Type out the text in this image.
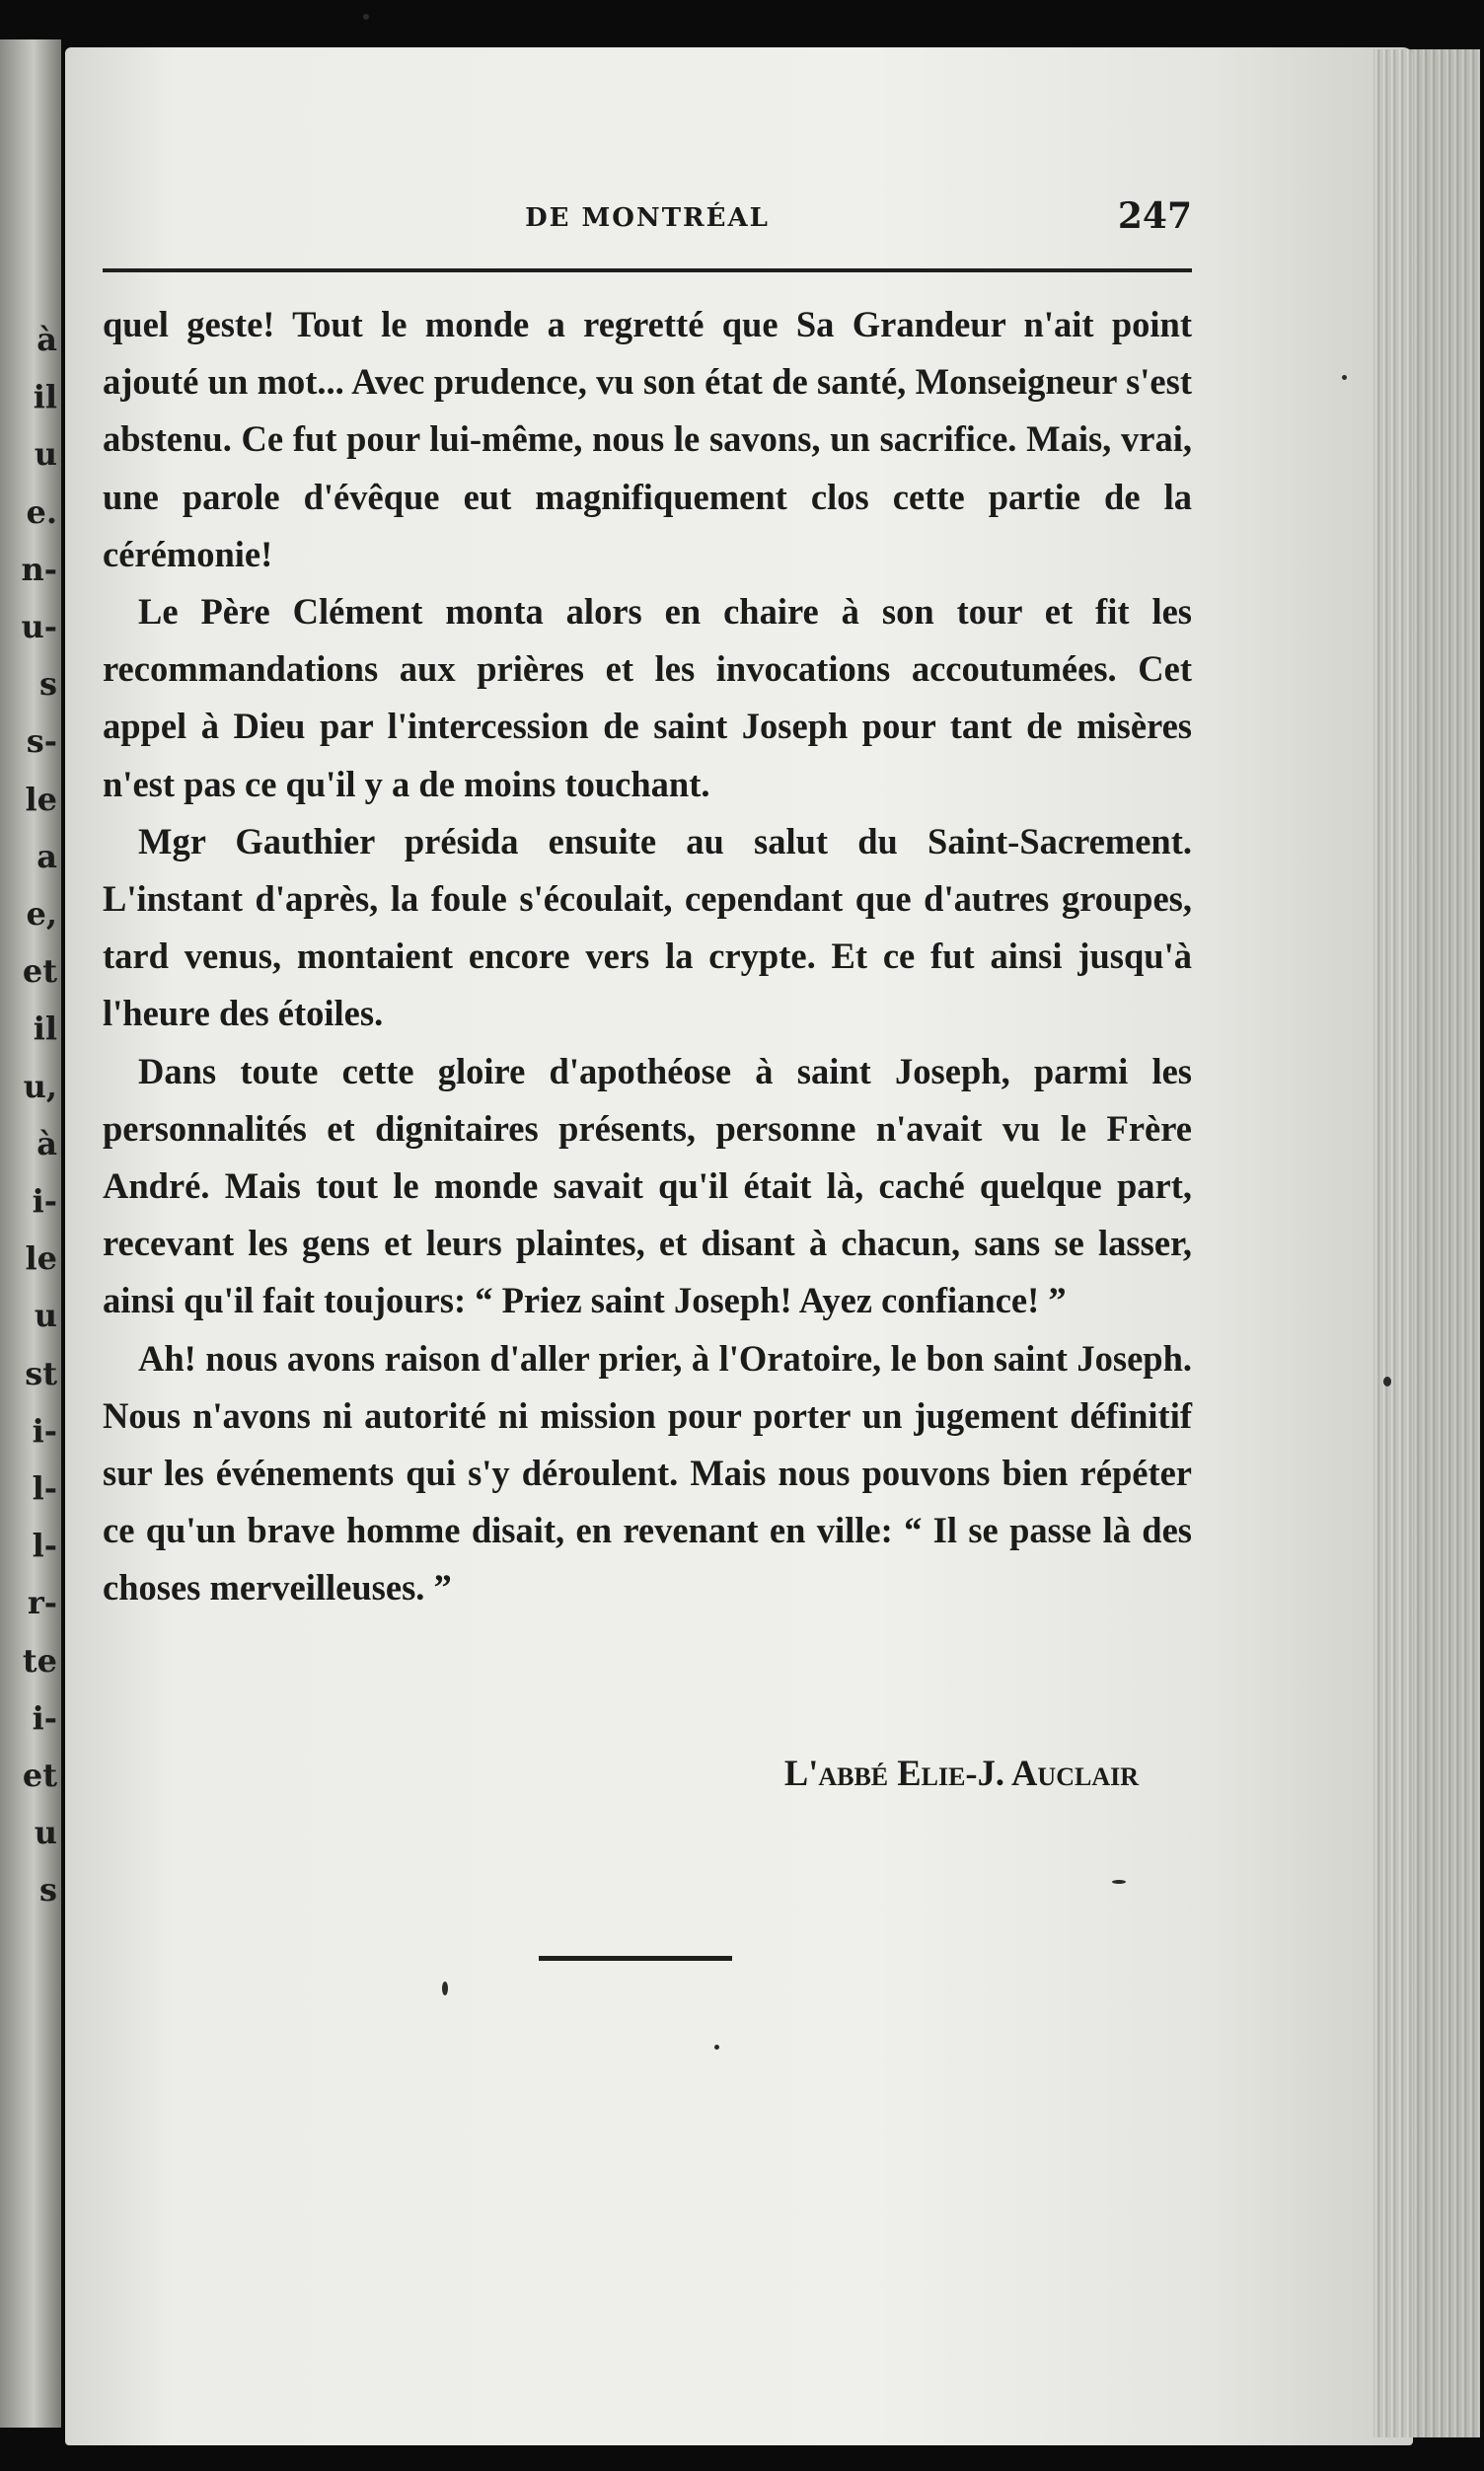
DE MONTRÉAL	247

quel geste! Tout le monde a regretté que Sa Grandeur n'ait point ajouté un mot... Avec prudence, vu son état de santé, Monseigneur s'est abstenu. Ce fut pour lui-même, nous le savons, un sacrifice. Mais, vrai, une parole d'évêque eut magnifiquement clos cette partie de la cérémonie!

Le Père Clément monta alors en chaire à son tour et fit les recommandations aux prières et les invocations accoutumées. Cet appel à Dieu par l'intercession de saint Joseph pour tant de misères n'est pas ce qu'il y a de moins touchant.

Mgr Gauthier présida ensuite au salut du Saint-Sacrement. L'instant d'après, la foule s'écoulait, cependant que d'autres groupes, tard venus, montaient encore vers la crypte. Et ce fut ainsi jusqu'à l'heure des étoiles.

Dans toute cette gloire d'apothéose à saint Joseph, parmi les personnalités et dignitaires présents, personne n'avait vu le Frère André. Mais tout le monde savait qu'il était là, caché quelque part, recevant les gens et leurs plaintes, et disant à chacun, sans se lasser, ainsi qu'il fait toujours: “ Priez saint Joseph! Ayez confiance! ”

Ah! nous avons raison d'aller prier, à l'Oratoire, le bon saint Joseph. Nous n'avons ni autorité ni mission pour porter un jugement définitif sur les événements qui s'y déroulent. Mais nous pouvons bien répéter ce qu'un brave homme disait, en revenant en ville: “ Il se passe là des choses merveilleuses. ”

L'abbé Elie-J. Auclair
à
il
u
e.
n-
u-
s
s-
le
a
e,
et
il
u,
à
i-
le
u
st
i-
l-
l-
r-
te
i-
et
u
s
